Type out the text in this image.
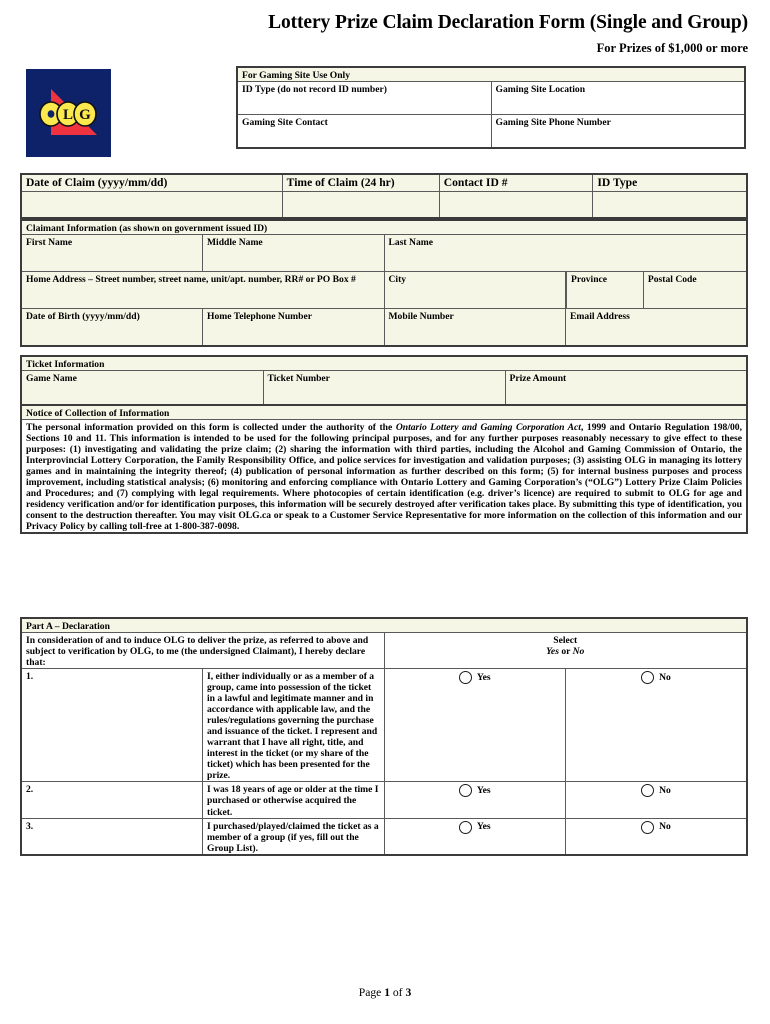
Lottery Prize Claim Declaration Form (Single and Group)
For Prizes of $1,000 or more
L G
For Gaming Site Use Only	
ID Type (do not record ID number)	Gaming Site Location
Gaming Site Contact	Gaming Site Phone Number
Date of Claim (yyyy/mm/dd)	Time of Claim (24 hr)	Contact ID #	ID Type

Claimant Information (as shown on government issued ID)
First Name	Middle Name	Last Name
Home Address – Street number, street name, unit/apt. number, RR# or PO Box #	City		Province	Postal Code

Date of Birth (yyyy/mm/dd)	Home Telephone Number	Mobile Number	Email Address
Ticket Information
Game Name	Ticket Number	Prize Amount
Notice of Collection of Information
The personal information provided on this form is collected under the authority of the Ontario Lottery and Gaming Corporation Act, 1999 and Ontario Regulation 198/00, Sections 10 and 11. This information is intended to be used for the following principal purposes, and for any further purposes reasonably necessary to give effect to these purposes: (1) investigating and validating the prize claim; (2) sharing the information with third parties, including the Alcohol and Gaming Commission of Ontario, the Interprovincial Lottery Corporation, the Family Responsibility Office, and police services for investigation and validation purposes; (3) assisting OLG in managing its lottery games and in maintaining the integrity thereof; (4) publication of personal information as further described on this form; (5) for internal business purposes and process improvement, including statistical analysis; (6) monitoring and enforcing compliance with Ontario Lottery and Gaming Corporation’s (“OLG”) Lottery Prize Claim Policies and Procedures; and (7) complying with legal requirements. Where photocopies of certain identification (e.g. driver’s licence) are required to submit to OLG for age and residency verification and/or for identification purposes, this information will be securely destroyed after verification takes place. By submitting this type of identification, you consent to the destruction thereafter. You may visit OLG.ca or speak to a Customer Service Representative for more information on the collection of this information and our Privacy Policy by calling toll-free at 1-800-387-0098.
Part A – Declaration			
In consideration of and to induce OLG to deliver the prize, as referred to above and subject to verification by OLG, to me (the undersigned Claimant), I hereby declare that:		Select
Yes or No	

1.	I, either individually or as a member of a group, came into possession of the ticket in a lawful and legitimate manner and in accordance with applicable law, and the rules/regulations governing the purchase and issuance of the ticket. I represent and warrant that I have all right, title, and interest in the ticket (or my share of the ticket) which has been presented for the prize.	Yes	No

2.	I was 18 years of age or older at the time I purchased or otherwise acquired the ticket.	Yes	No

3.	I purchased/played/claimed the ticket as a member of a group (if yes, fill out the Group List).	Yes	No
Page 1 of 3
